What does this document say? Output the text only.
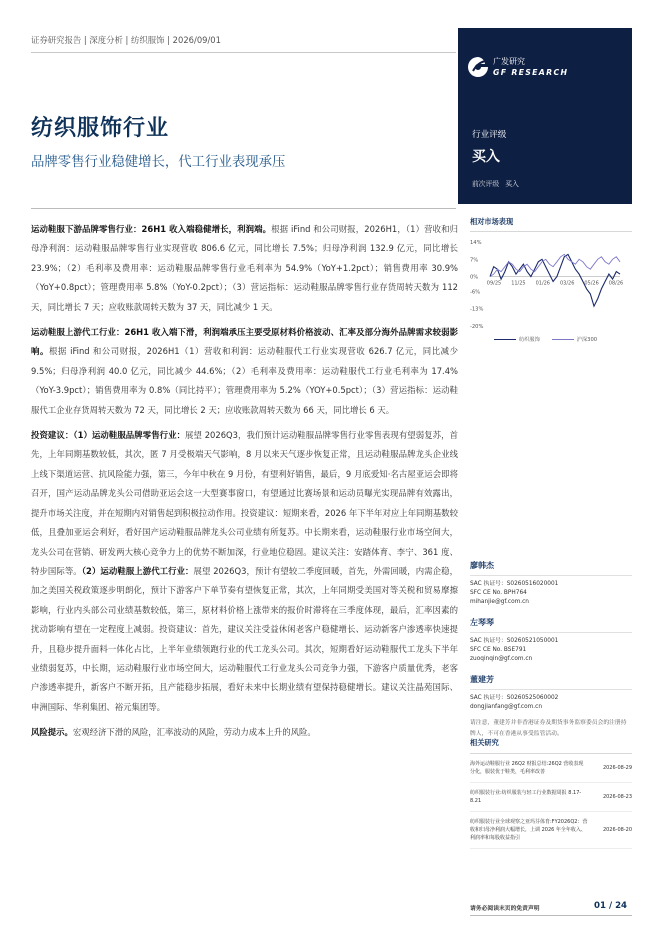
证券研究报告 | 深度分析 | 纺织服饰 | 2026/09/01
纺织服饰行业
品牌零售行业稳健增长，代工行业表现承压
广发研究
GF RESEARCH
行业评级
买入
前次评级 买入

运动鞋服下游品牌零售行业：26H1 收入端稳健增长，利润端。根据 iFind 和公司财报，2026H1，（1）营收和归母净利润：运动鞋服品牌零售行业实现营收 806.6 亿元，同比增长 7.5%；归母净利润 132.9 亿元，同比增长 23.9%；（2）毛利率及费用率：运动鞋服品牌零售行业毛利率为 54.9%（YoY+1.2pct）；销售费用率 30.9%（YoY+0.8pct）；管理费用率 5.8%（YoY-0.2pct）；（3）营运指标：运动鞋服品牌零售行业存货周转天数为 112 天，同比增长 7 天；应收账款周转天数为 37 天，同比减少 1 天。

运动鞋服上游代工行业：26H1 收入端下滑，利润端承压主要受原材料价格波动、汇率及部分海外品牌需求较弱影响。根据 iFind 和公司财报，2026H1（1）营收和利润：运动鞋服代工行业实现营收 626.7 亿元，同比减少 9.5%；归母净利润 40.0 亿元，同比减少 44.6%；（2）毛利率及费用率：运动鞋服代工行业毛利率为 17.4%（YoY-3.9pct）；销售费用率为 0.8%（同比持平）；管理费用率为 5.2%（YOY+0.5pct）；（3）营运指标：运动鞋服代工企业存货周转天数为 72 天，同比增长 2 天；应收账款周转天数为 66 天，同比增长 6 天。

投资建议：（1）运动鞋服品牌零售行业：展望 2026Q3，我们预计运动鞋服品牌零售行业零售表现有望弱复苏，首先，上年同期基数较低，其次，匿 7 月受极端天气影响，8 月以来天气逐步恢复正常，且运动鞋服品牌龙头企业线上线下渠道运营、抗风险能力强，第三，今年中秋在 9 月份，有望利好销售，最后，9 月底爱知·名古屋亚运会即将召开，国产运动品牌龙头公司借助亚运会这一大型赛事窗口，有望通过比赛场景和运动员曝光实现品牌有效露出，提升市场关注度，并在短期内对销售起到积极拉动作用。投资建议：短期来看，2026 年下半年对应上年同期基数较低，且叠加亚运会利好，看好国产运动鞋服品牌龙头公司业绩有所复苏。中长期来看，运动鞋服行业市场空间大，龙头公司在营销、研发两大核心竞争力上的优势不断加深，行业地位稳固。建议关注：安踏体育、李宁、361 度、特步国际等。（2）运动鞋服上游代工行业：展望 2026Q3，预计有望较二季度回暖，首先，外需回暖，内需企稳，加之美国关税政策逐步明朗化，预计下游客户下单节奏有望恢复正常，其次，上年同期受美国对等关税和贸易摩擦影响，行业内头部公司业绩基数较低，第三，原材料价格上涨带来的报价时滞将在三季度体现，最后，汇率因素的扰动影响有望在一定程度上减弱。投资建议：首先，建议关注受益休闲老客户稳健增长、运动新客户渗透率快速提升，且稳步提升面料一体化占比，上半年业绩领跑行业的代工龙头公司。其次，短期看好运动鞋服代工龙头下半年业绩弱复苏，中长期，运动鞋服行业市场空间大，运动鞋服代工行业龙头公司竞争力强，下游客户质量优秀，老客户渗透率提升，新客户不断开拓，且产能稳步拓展，看好未来中长期业绩有望保持稳健增长。建议关注晶苑国际、申洲国际、华利集团、裕元集团等。

风险提示。宏观经济下滑的风险，汇率波动的风险，劳动力成本上升的风险。

相对市场表现
14%
7%
0%
-6%
-13%
-20%
09/25 11/25 01/26 03/26 05/26 08/26
纺织服饰	沪深300
廖韩杰
SAC 执证号：S0260516020001
SFC CE No. BPH764
mihanjie@gf.com.cn
左琴琴
SAC 执证号：S0260521050001
SFC CE No. BSE791
zuoqinqin@gf.com.cn
董建芳
SAC 执证号：S0260525060002
dongjianfang@gf.com.cn
请注意，董建芳并非香港证券及期货事务监察委员会的注册持牌人，不可在香港从事受监管活动。
相关研究
海外运动鞋服行业 26Q2 财报总结:26Q2 营收表现分化，服装优于鞋类，毛利率改善
2026-08-29
纺织服装行业:纺织服装与轻工行业数据周报 8.17-8.21
2026-08-23
纺织服装行业全球观察之亚玛芬体育:FY2026Q2：营收和归母净利润大幅增长，上调 2026 年全年收入、利润率和每股收益指引
2026-08-20
请务必阅读末页的免责声明	01 / 24
